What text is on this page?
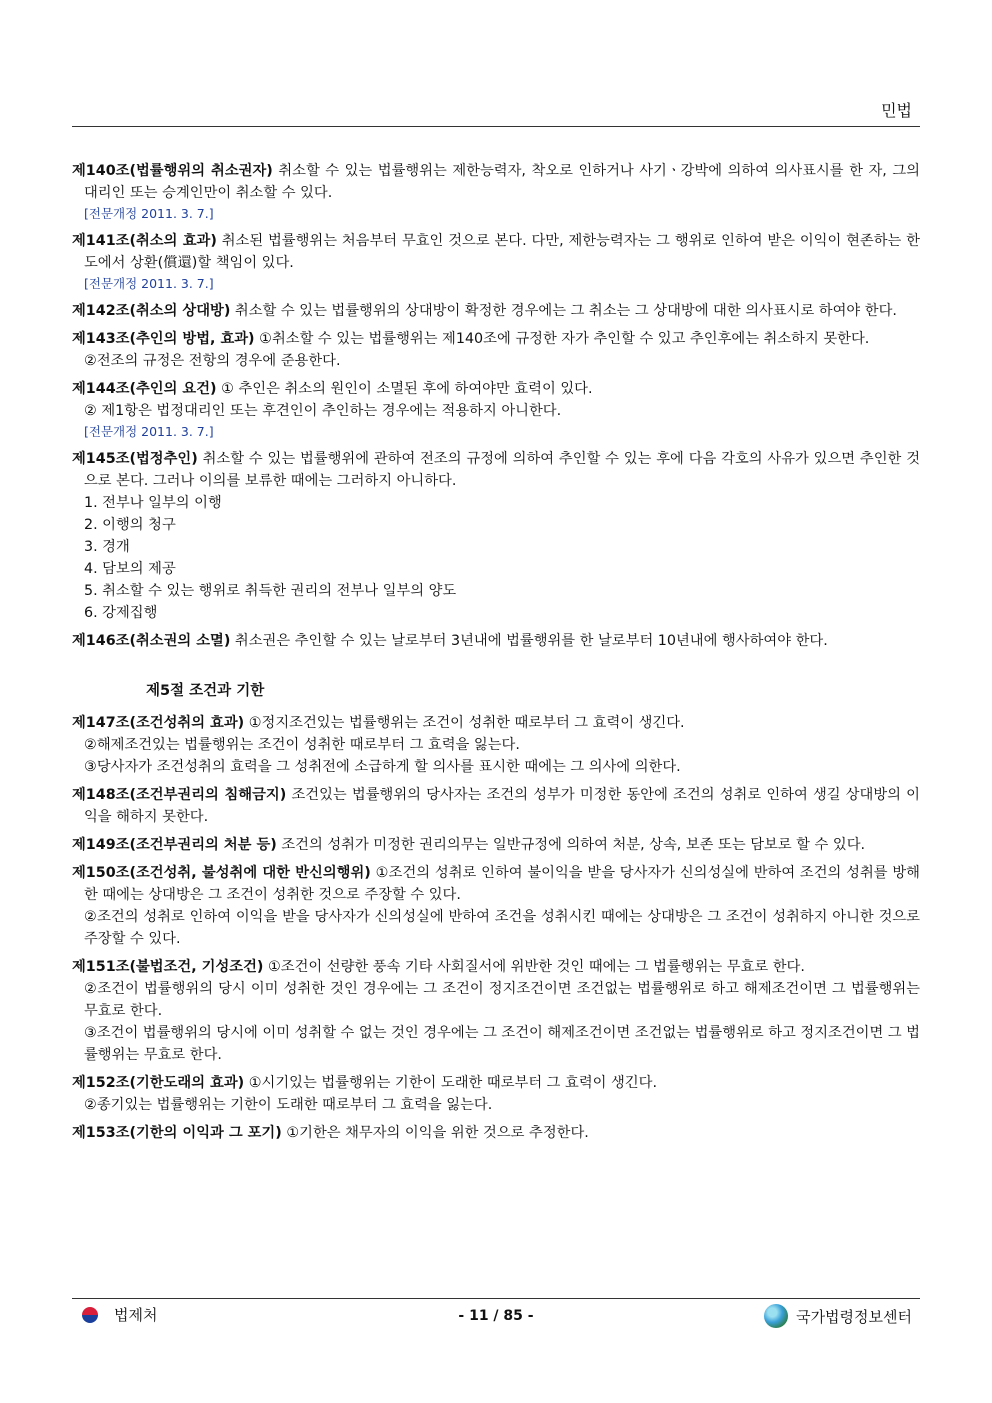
민법

제140조(법률행위의 취소권자) 취소할 수 있는 법률행위는 제한능력자, 착오로 인하거나 사기ㆍ강박에 의하여 의사표시를 한 자, 그의 대리인 또는 승계인만이 취소할 수 있다.

[전문개정 2011. 3. 7.]

제141조(취소의 효과) 취소된 법률행위는 처음부터 무효인 것으로 본다. 다만, 제한능력자는 그 행위로 인하여 받은 이익이 현존하는 한도에서 상환(償還)할 책임이 있다.

[전문개정 2011. 3. 7.]

제142조(취소의 상대방) 취소할 수 있는 법률행위의 상대방이 확정한 경우에는 그 취소는 그 상대방에 대한 의사표시로 하여야 한다.

제143조(추인의 방법, 효과) ①취소할 수 있는 법률행위는 제140조에 규정한 자가 추인할 수 있고 추인후에는 취소하지 못한다.

②전조의 규정은 전항의 경우에 준용한다.

제144조(추인의 요건) ① 추인은 취소의 원인이 소멸된 후에 하여야만 효력이 있다.

② 제1항은 법정대리인 또는 후견인이 추인하는 경우에는 적용하지 아니한다.

[전문개정 2011. 3. 7.]

제145조(법정추인) 취소할 수 있는 법률행위에 관하여 전조의 규정에 의하여 추인할 수 있는 후에 다음 각호의 사유가 있으면 추인한 것으로 본다. 그러나 이의를 보류한 때에는 그러하지 아니하다.

1. 전부나 일부의 이행

2. 이행의 청구

3. 경개

4. 담보의 제공

5. 취소할 수 있는 행위로 취득한 권리의 전부나 일부의 양도

6. 강제집행

제146조(취소권의 소멸) 취소권은 추인할 수 있는 날로부터 3년내에 법률행위를 한 날로부터 10년내에 행사하여야 한다.

제5절 조건과 기한

제147조(조건성취의 효과) ①정지조건있는 법률행위는 조건이 성취한 때로부터 그 효력이 생긴다.

②해제조건있는 법률행위는 조건이 성취한 때로부터 그 효력을 잃는다.

③당사자가 조건성취의 효력을 그 성취전에 소급하게 할 의사를 표시한 때에는 그 의사에 의한다.

제148조(조건부권리의 침해금지) 조건있는 법률행위의 당사자는 조건의 성부가 미정한 동안에 조건의 성취로 인하여 생길 상대방의 이익을 해하지 못한다.

제149조(조건부권리의 처분 등) 조건의 성취가 미정한 권리의무는 일반규정에 의하여 처분, 상속, 보존 또는 담보로 할 수 있다.

제150조(조건성취, 불성취에 대한 반신의행위) ①조건의 성취로 인하여 불이익을 받을 당사자가 신의성실에 반하여 조건의 성취를 방해한 때에는 상대방은 그 조건이 성취한 것으로 주장할 수 있다.

②조건의 성취로 인하여 이익을 받을 당사자가 신의성실에 반하여 조건을 성취시킨 때에는 상대방은 그 조건이 성취하지 아니한 것으로 주장할 수 있다.

제151조(불법조건, 기성조건) ①조건이 선량한 풍속 기타 사회질서에 위반한 것인 때에는 그 법률행위는 무효로 한다.

②조건이 법률행위의 당시 이미 성취한 것인 경우에는 그 조건이 정지조건이면 조건없는 법률행위로 하고 해제조건이면 그 법률행위는 무효로 한다.

③조건이 법률행위의 당시에 이미 성취할 수 없는 것인 경우에는 그 조건이 해제조건이면 조건없는 법률행위로 하고 정지조건이면 그 법률행위는 무효로 한다.

제152조(기한도래의 효과) ①시기있는 법률행위는 기한이 도래한 때로부터 그 효력이 생긴다.

②종기있는 법률행위는 기한이 도래한 때로부터 그 효력을 잃는다.

제153조(기한의 이익과 그 포기) ①기한은 채무자의 이익을 위한 것으로 추정한다.

법제처	- 11 / 85 -	국가법령정보센터
